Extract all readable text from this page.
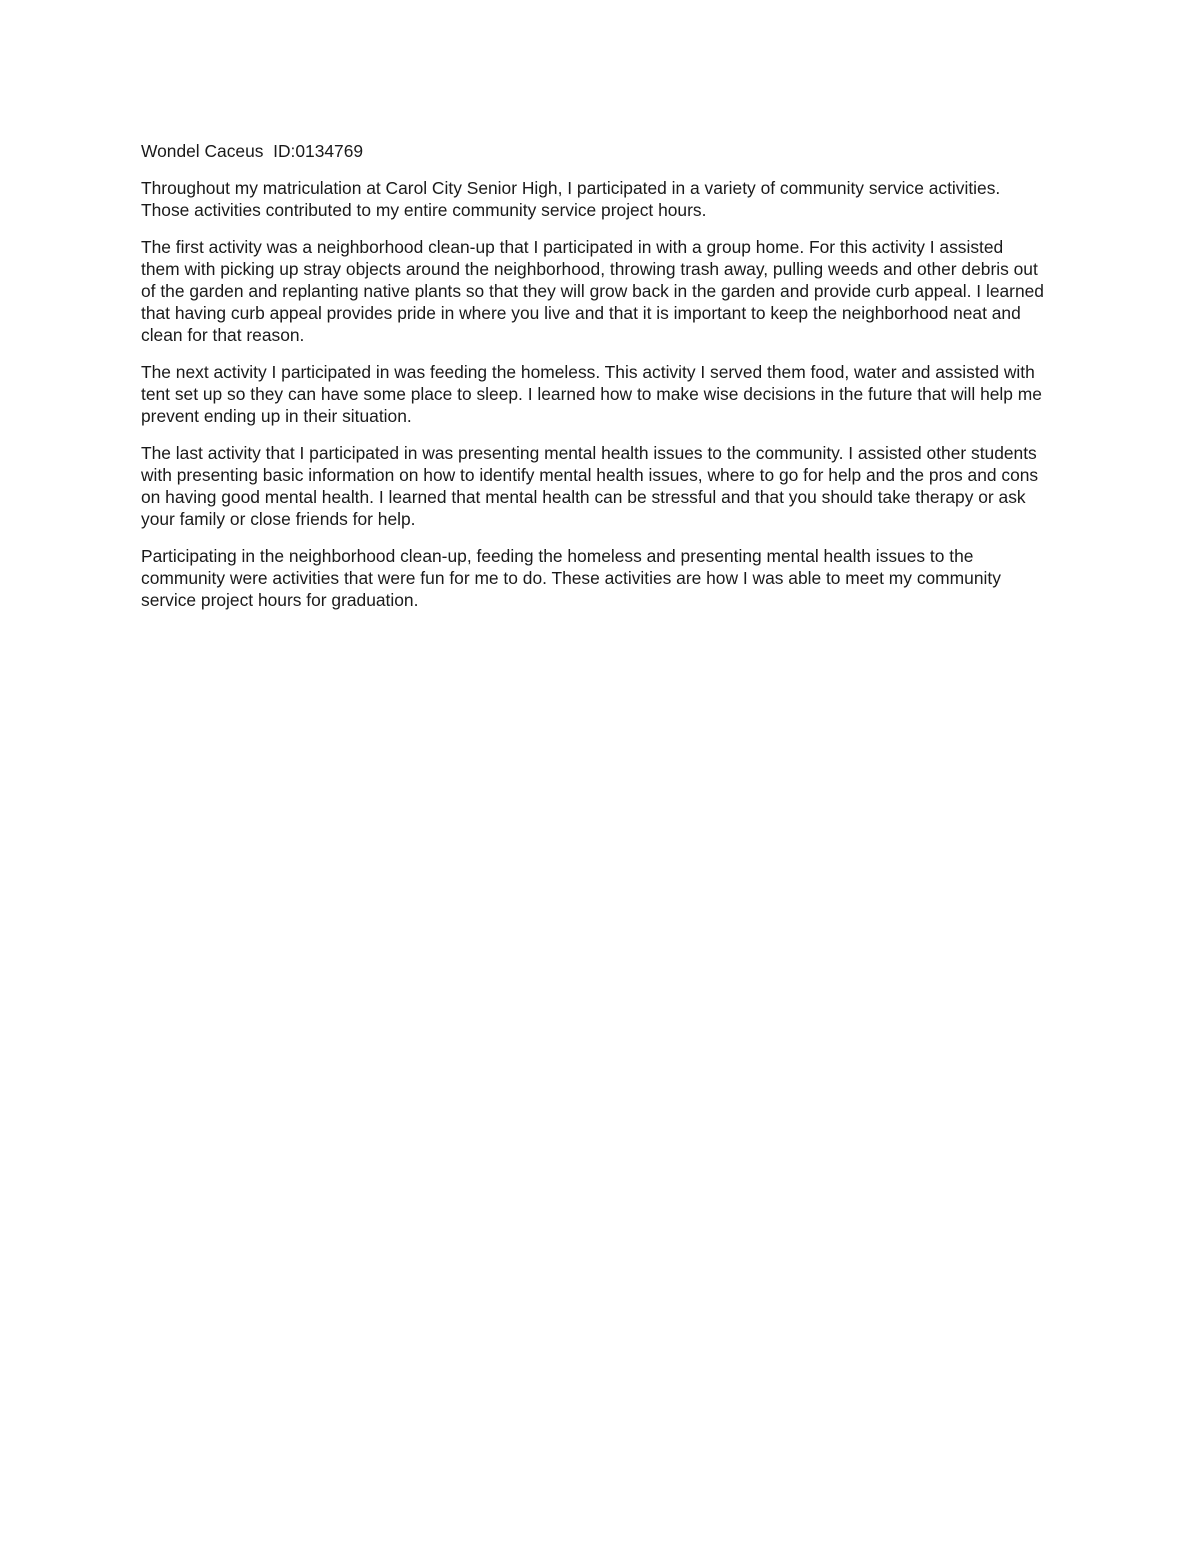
Wondel Caceus ID:0134769

Throughout my matriculation at Carol City Senior High, I participated in a variety of community service activities.
Those activities contributed to my entire community service project hours.

The first activity was a neighborhood clean-up that I participated in with a group home. For this activity I assisted
them with picking up stray objects around the neighborhood, throwing trash away, pulling weeds and other debris out
of the garden and replanting native plants so that they will grow back in the garden and provide curb appeal. I learned
that having curb appeal provides pride in where you live and that it is important to keep the neighborhood neat and
clean for that reason.

The next activity I participated in was feeding the homeless. This activity I served them food, water and assisted with
tent set up so they can have some place to sleep. I learned how to make wise decisions in the future that will help me
prevent ending up in their situation.

The last activity that I participated in was presenting mental health issues to the community. I assisted other students
with presenting basic information on how to identify mental health issues, where to go for help and the pros and cons
on having good mental health. I learned that mental health can be stressful and that you should take therapy or ask
your family or close friends for help.

Participating in the neighborhood clean-up, feeding the homeless and presenting mental health issues to the
community were activities that were fun for me to do. These activities are how I was able to meet my community
service project hours for graduation.
